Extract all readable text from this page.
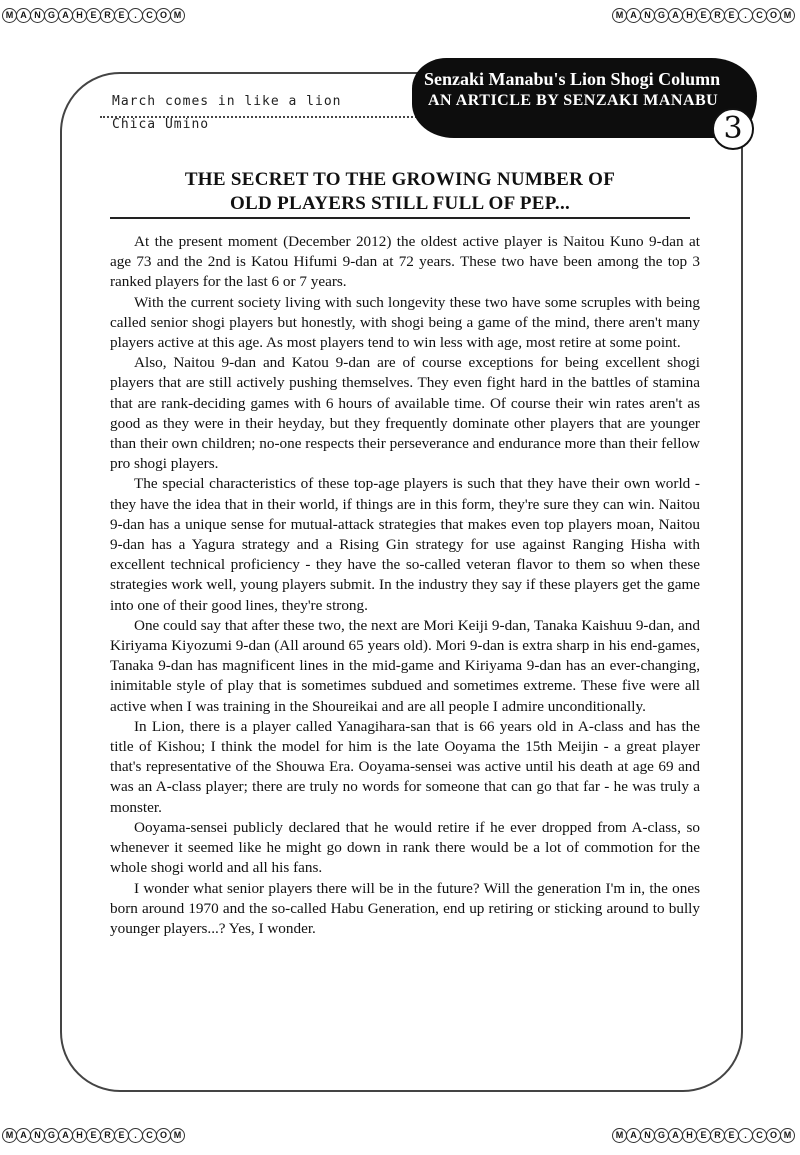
M A N G A H E R E	.	C O M	M A N G A H E R E	.	C O M
M A N G A H E R E	.	C O M	M A N G A H E R E	.	C O M
March comes in like a lion
Chica Umino
Senzaki Manabu's Lion Shogi Column
AN ARTICLE BY SENZAKI MANABU
3
THE SECRET TO THE GROWING NUMBER OF
OLD PLAYERS STILL FULL OF PEP...

At the present moment (December 2012) the oldest active player is Naitou Kuno 9-dan at age 73 and the 2nd is Katou Hifumi 9-dan at 72 years. These two have been among the top 3 ranked players for the last 6 or 7 years.

With the current society living with such longevity these two have some scruples with being called senior shogi players but honestly, with shogi being a game of the mind, there aren't many players active at this age. As most players tend to win less with age, most retire at some point.

Also, Naitou 9-dan and Katou 9-dan are of course exceptions for being excellent shogi players that are still actively pushing themselves. They even fight hard in the battles of stamina that are rank-deciding games with 6 hours of available time. Of course their win rates aren't as good as they were in their heyday, but they frequently dominate other players that are younger than their own children; no-one respects their perseverance and endurance more than their fellow pro shogi players.

The special characteristics of these top-age players is such that they have their own world - they have the idea that in their world, if things are in this form, they're sure they can win. Naitou 9-dan has a unique sense for mutual-attack strategies that makes even top players moan, Naitou 9-dan has a Yagura strategy and a Rising Gin strategy for use against Ranging Hisha with excellent technical proficiency - they have the so-called veteran flavor to them so when these strategies work well, young players submit. In the industry they say if these players get the game into one of their good lines, they're strong.

One could say that after these two, the next are Mori Keiji 9-dan, Tanaka Kaishuu 9-dan, and Kiriyama Kiyozumi 9-dan (All around 65 years old). Mori 9-dan is extra sharp in his end-games, Tanaka 9-dan has magnificent lines in the mid-game and Kiriyama 9-dan has an ever-changing, inimitable style of play that is sometimes subdued and sometimes extreme. These five were all active when I was training in the Shoureikai and are all people I admire unconditionally.

In Lion, there is a player called Yanagihara-san that is 66 years old in A-class and has the title of Kishou; I think the model for him is the late Ooyama the 15th Meijin - a great player that's representative of the Shouwa Era. Ooyama-sensei was active until his death at age 69 and was an A-class player; there are truly no words for someone that can go that far - he was truly a monster.

Ooyama-sensei publicly declared that he would retire if he ever dropped from A-class, so whenever it seemed like he might go down in rank there would be a lot of commotion for the whole shogi world and all his fans.

I wonder what senior players there will be in the future? Will the generation I'm in, the ones born around 1970 and the so-called Habu Generation, end up retiring or sticking around to bully younger players...? Yes, I wonder.
